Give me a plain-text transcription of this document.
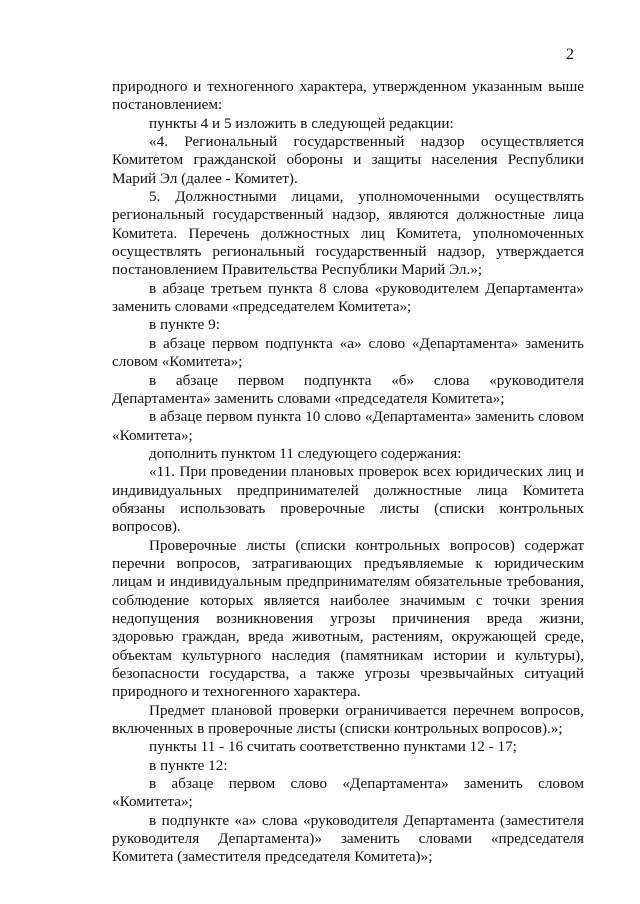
2

природного и техногенного характера, утвержденном указанным выше постановлением:

пункты 4 и 5 изложить в следующей редакции:

«4. Региональный государственный надзор осуществляется Комитетом гражданской обороны и защиты населения Республики Марий Эл (далее - Комитет).

5. Должностными лицами, уполномоченными осуществлять региональный государственный надзор, являются должностные лица Комитета. Перечень должностных лиц Комитета, уполномоченных осуществлять региональный государственный надзор, утверждается постановлением Правительства Республики Марий Эл.»;

в абзаце третьем пункта 8 слова «руководителем Департамента» заменить словами «председателем Комитета»;

в пункте 9:

в абзаце первом подпункта «а» слово «Департамента» заменить словом «Комитета»;

в абзаце первом подпункта «б» слова «руководителя Департамента» заменить словами «председателя Комитета»;

в абзаце первом пункта 10 слово «Департамента» заменить словом «Комитета»;

дополнить пунктом 11 следующего содержания:

«11. При проведении плановых проверок всех юридических лиц и индивидуальных предпринимателей должностные лица Комитета обязаны использовать проверочные листы (списки контрольных вопросов).

Проверочные листы (списки контрольных вопросов) содержат перечни вопросов, затрагивающих предъявляемые к юридическим лицам и индивидуальным предпринимателям обязательные требования, соблюдение которых является наиболее значимым с точки зрения недопущения возникновения угрозы причинения вреда жизни, здоровью граждан, вреда животным, растениям, окружающей среде, объектам культурного наследия (памятникам истории и культуры), безопасности государства, а также угрозы чрезвычайных ситуаций природного и техногенного характера.

Предмет плановой проверки ограничивается перечнем вопросов, включенных в проверочные листы (списки контрольных вопросов).»;

пункты 11 - 16 считать соответственно пунктами 12 - 17;

в пункте 12:

в абзаце первом слово «Департамента» заменить словом «Комитета»;

в подпункте «а» слова «руководителя Департамента (заместителя руководителя Департамента)» заменить словами «председателя Комитета (заместителя председателя Комитета)»;
